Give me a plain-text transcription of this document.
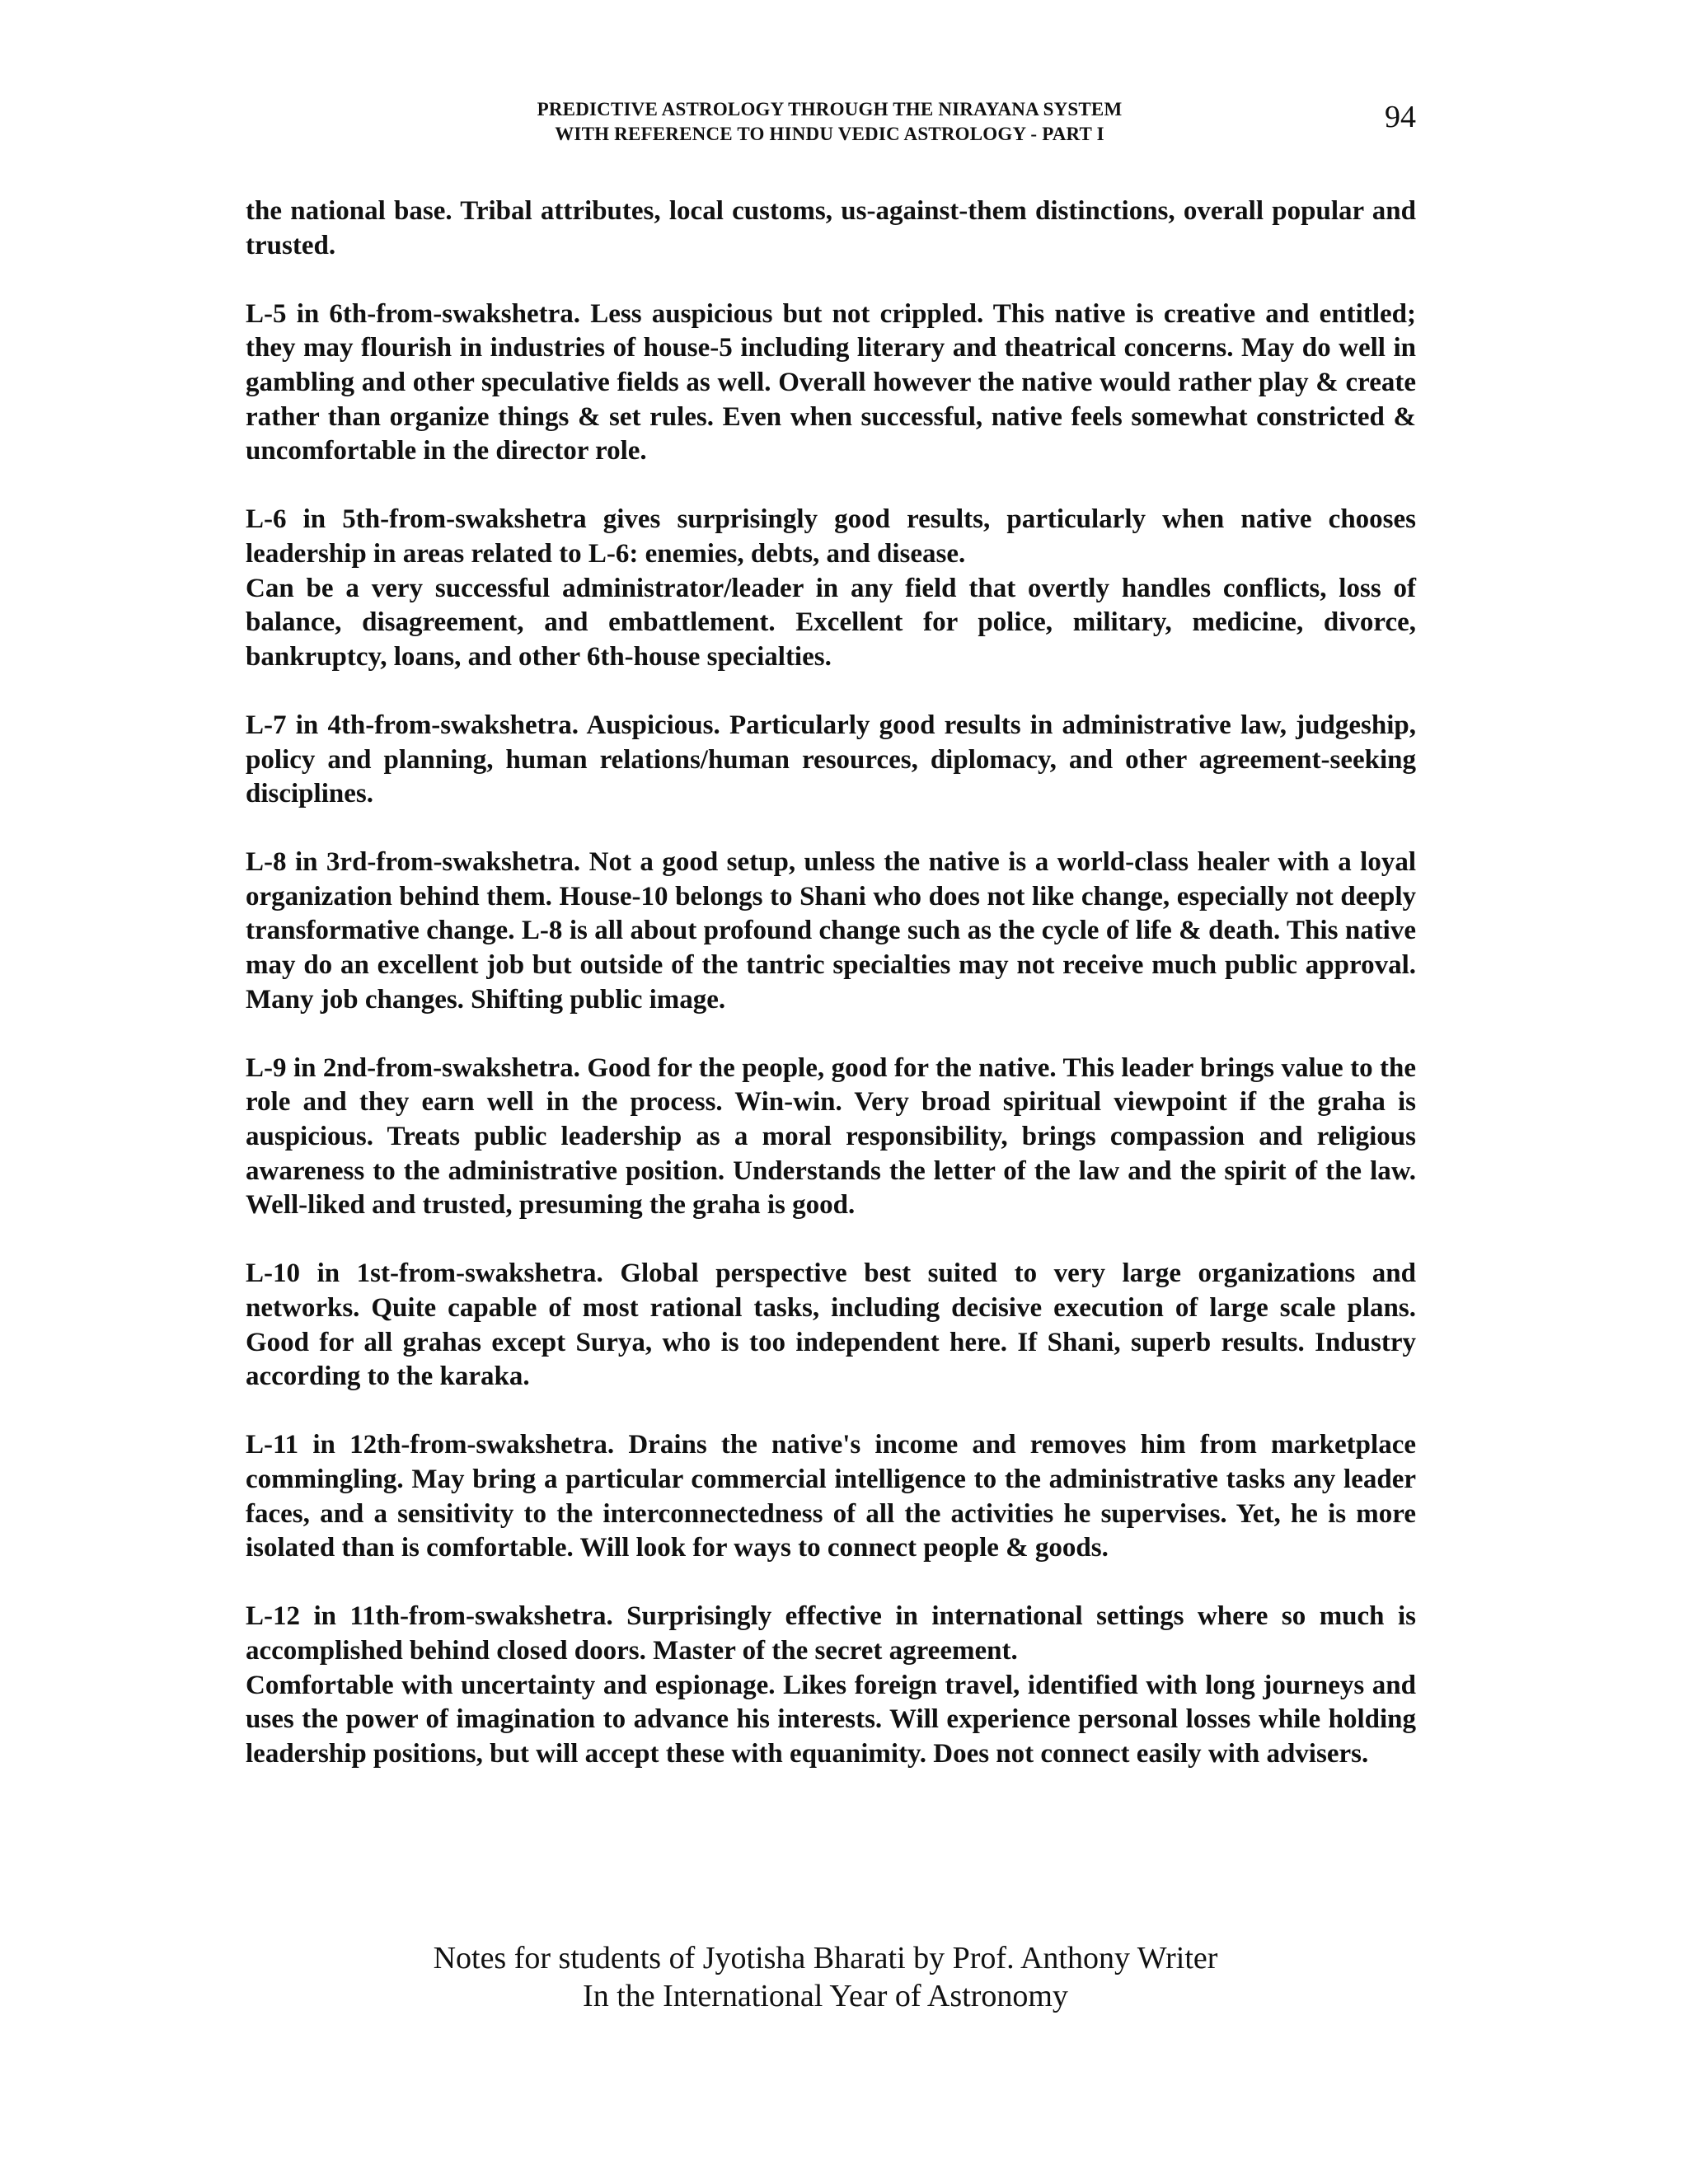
PREDICTIVE ASTROLOGY THROUGH THE NIRAYANA SYSTEM
WITH REFERENCE TO HINDU VEDIC ASTROLOGY - PART I	94

the national base. Tribal attributes, local customs, us-against-them distinctions, overall popular and trusted.

L-5 in 6th-from-swakshetra. Less auspicious but not crippled. This native is creative and entitled; they may flourish in industries of house-5 including literary and theatrical concerns. May do well in gambling and other speculative fields as well. Overall however the native would rather play & create rather than organize things & set rules. Even when successful, native feels somewhat constricted & uncomfortable in the director role.

L-6 in 5th-from-swakshetra gives surprisingly good results, particularly when native chooses leadership in areas related to L-6: enemies, debts, and disease.

Can be a very successful administrator/leader in any field that overtly handles conflicts, loss of balance, disagreement, and embattlement. Excellent for police, military, medicine, divorce, bankruptcy, loans, and other 6th-house specialties.

L-7 in 4th-from-swakshetra. Auspicious. Particularly good results in administrative law, judgeship, policy and planning, human relations/human resources, diplomacy, and other agreement-seeking disciplines.

L-8 in 3rd-from-swakshetra. Not a good setup, unless the native is a world-class healer with a loyal organization behind them. House-10 belongs to Shani who does not like change, especially not deeply transformative change. L-8 is all about profound change such as the cycle of life & death. This native may do an excellent job but outside of the tantric specialties may not receive much public approval. Many job changes. Shifting public image.

L-9 in 2nd-from-swakshetra. Good for the people, good for the native. This leader brings value to the role and they earn well in the process. Win-win. Very broad spiritual viewpoint if the graha is auspicious. Treats public leadership as a moral responsibility, brings compassion and religious awareness to the administrative position. Understands the letter of the law and the spirit of the law. Well-liked and trusted, presuming the graha is good.

L-10 in 1st-from-swakshetra. Global perspective best suited to very large organizations and networks. Quite capable of most rational tasks, including decisive execution of large scale plans. Good for all grahas except Surya, who is too independent here. If Shani, superb results. Industry according to the karaka.

L-11 in 12th-from-swakshetra. Drains the native's income and removes him from marketplace commingling. May bring a particular commercial intelligence to the administrative tasks any leader faces, and a sensitivity to the interconnectedness of all the activities he supervises. Yet, he is more isolated than is comfortable. Will look for ways to connect people & goods.

L-12 in 11th-from-swakshetra. Surprisingly effective in international settings where so much is accomplished behind closed doors. Master of the secret agreement.

Comfortable with uncertainty and espionage. Likes foreign travel, identified with long journeys and uses the power of imagination to advance his interests. Will experience personal losses while holding leadership positions, but will accept these with equanimity. Does not connect easily with advisers.

Notes for students of Jyotisha Bharati by Prof. Anthony Writer
In the International Year of Astronomy
